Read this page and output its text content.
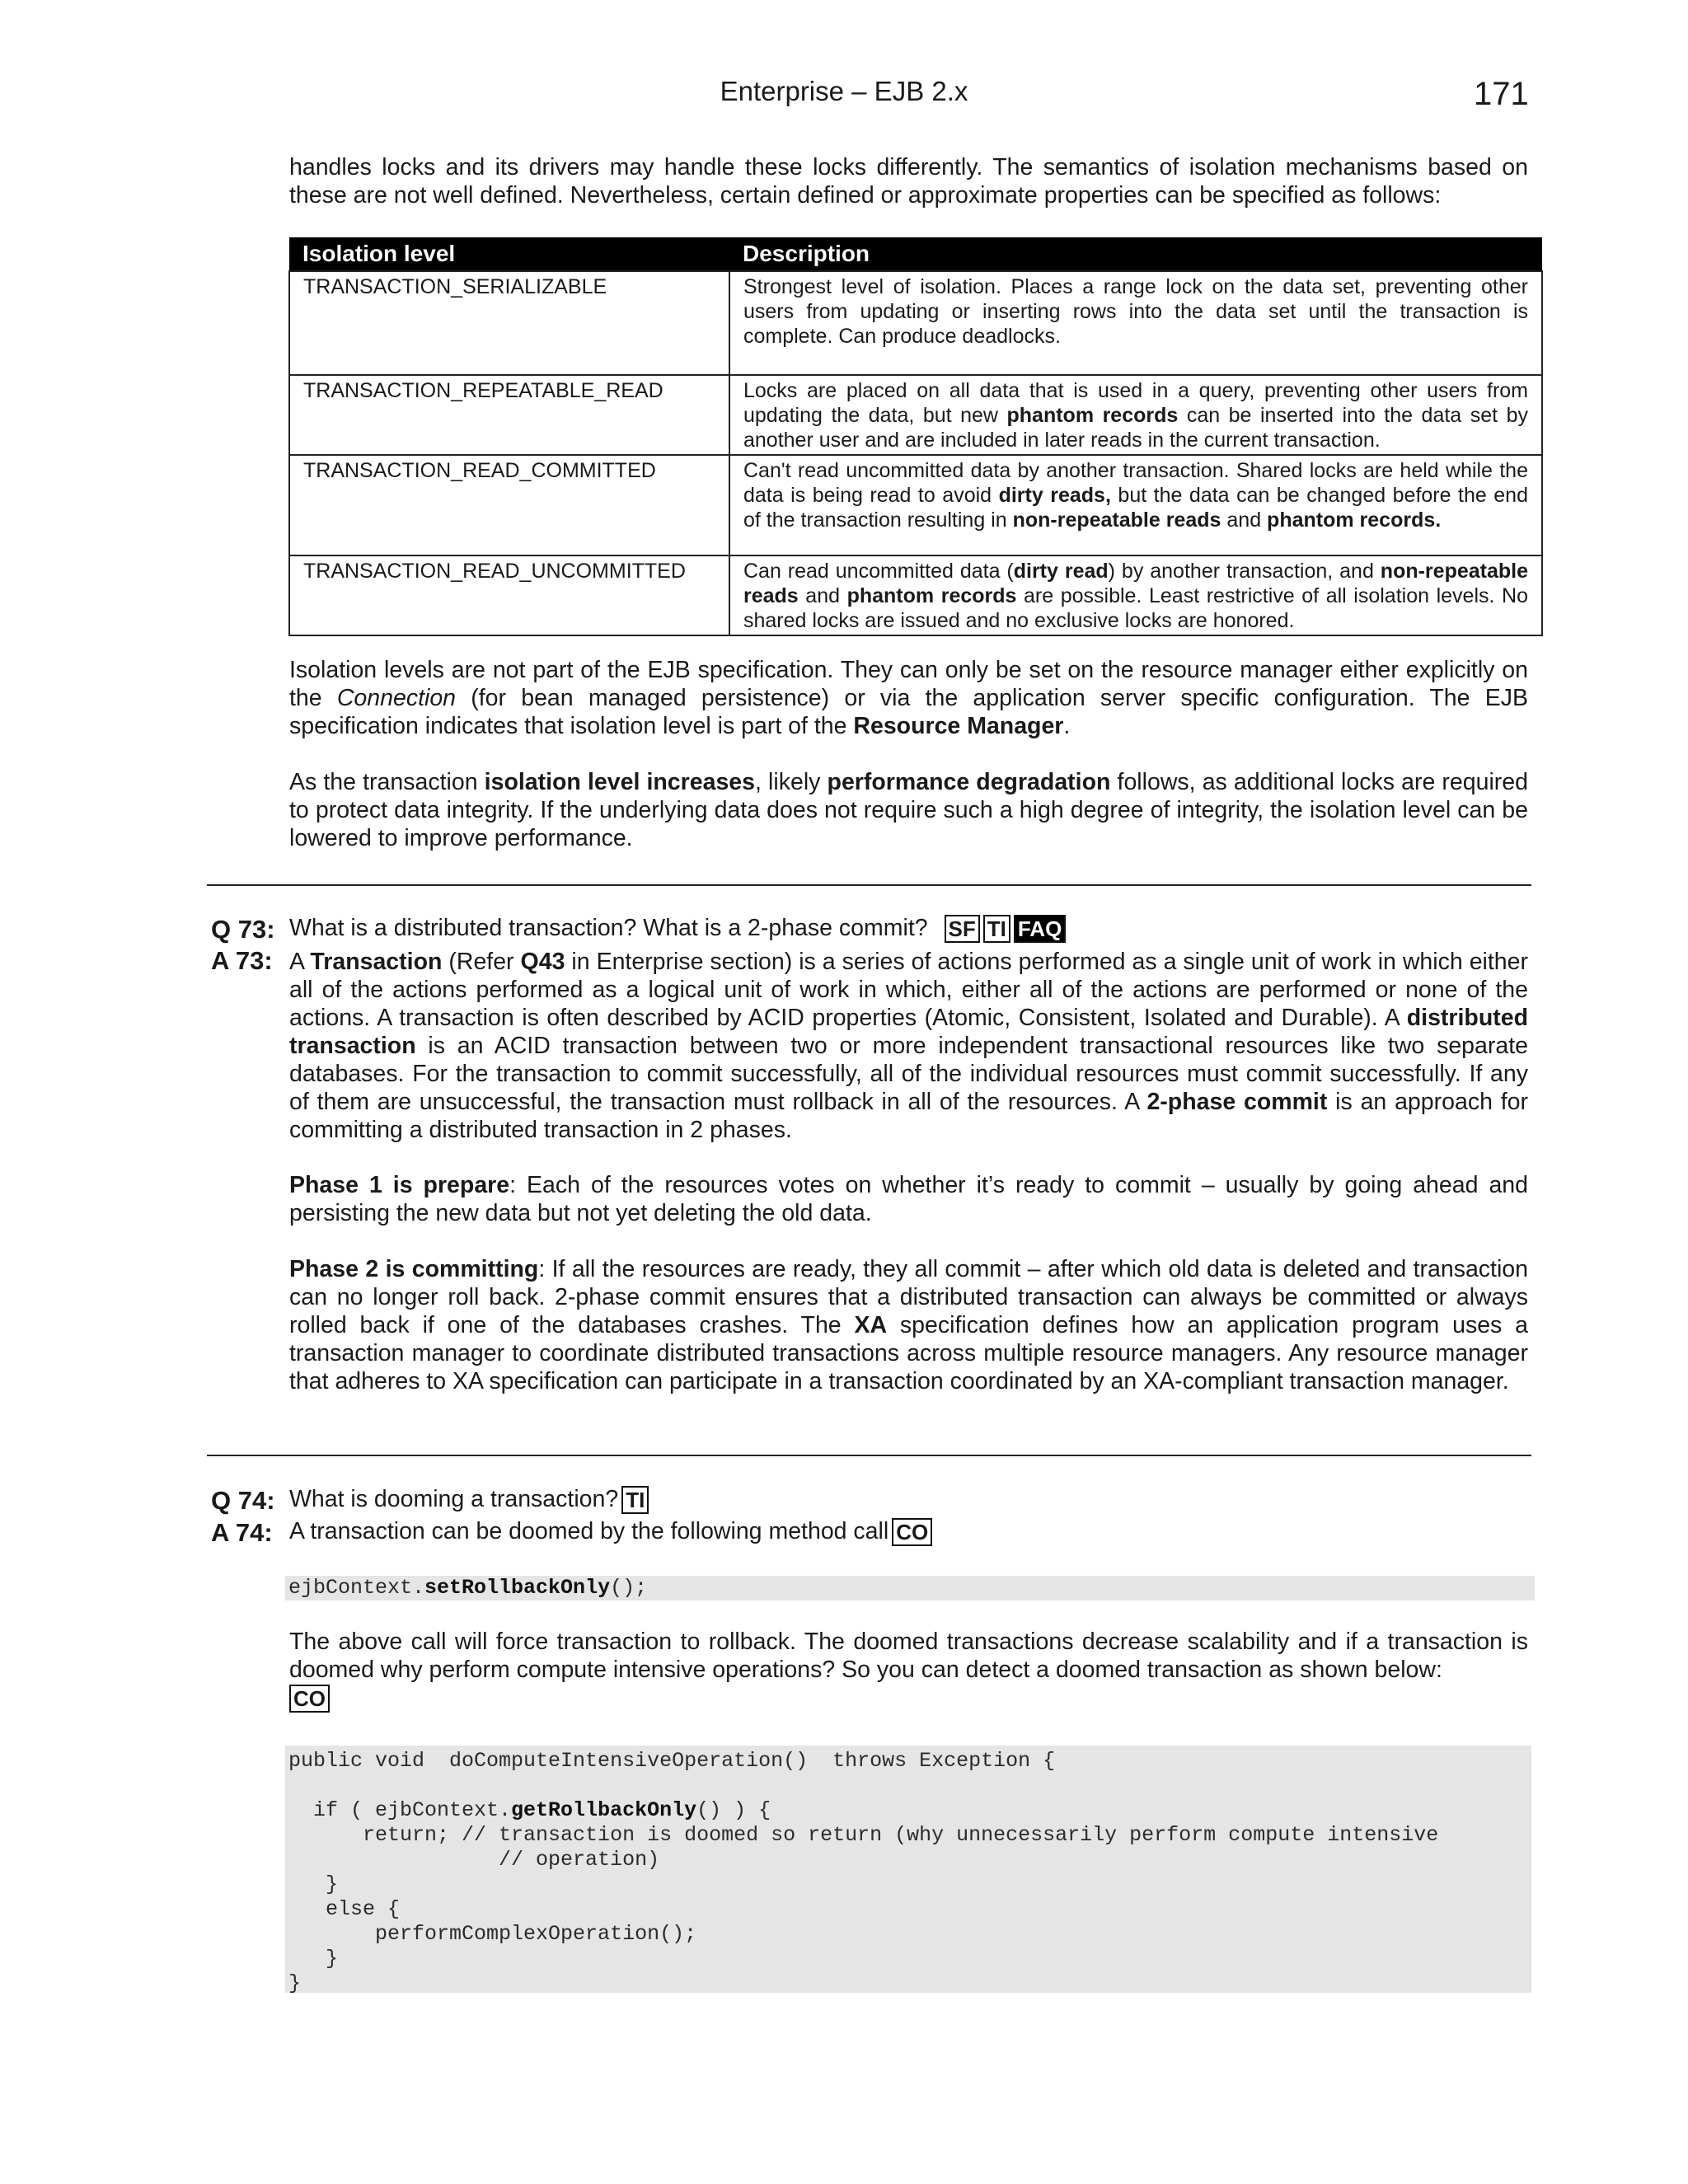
Enterprise – EJB 2.x	171

handles locks and its drivers may handle these locks differently. The semantics of isolation mechanisms based on these are not well defined. Nevertheless, certain defined or approximate properties can be specified as follows:

Isolation level	Description
TRANSACTION_SERIALIZABLE	Strongest level of isolation. Places a range lock on the data set, preventing other users from updating or inserting rows into the data set until the transaction is complete. Can produce deadlocks.
TRANSACTION_REPEATABLE_READ	Locks are placed on all data that is used in a query, preventing other users from updating the data, but new phantom records can be inserted into the data set by another user and are included in later reads in the current transaction.
TRANSACTION_READ_COMMITTED	Can't read uncommitted data by another transaction. Shared locks are held while the data is being read to avoid dirty reads, but the data can be changed before the end of the transaction resulting in non-repeatable reads and phantom records.
TRANSACTION_READ_UNCOMMITTED	Can read uncommitted data (dirty read) by another transaction, and non-repeatable reads and phantom records are possible. Least restrictive of all isolation levels. No shared locks are issued and no exclusive locks are honored.

Isolation levels are not part of the EJB specification. They can only be set on the resource manager either explicitly on the Connection (for bean managed persistence) or via the application server specific configuration. The EJB specification indicates that isolation level is part of the Resource Manager.

As the transaction isolation level increases, likely performance degradation follows, as additional locks are required to protect data integrity. If the underlying data does not require such a high degree of integrity, the isolation level can be lowered to improve performance.

Q 73: What is a distributed transaction? What is a 2-phase commit? SF TI FAQ
A 73: A Transaction (Refer Q43 in Enterprise section) is a series of actions performed as a single unit of work in which either all of the actions performed as a logical unit of work in which, either all of the actions are performed or none of the actions. A transaction is often described by ACID properties (Atomic, Consistent, Isolated and Durable). A distributed transaction is an ACID transaction between two or more independent transactional resources like two separate databases. For the transaction to commit successfully, all of the individual resources must commit successfully. If any of them are unsuccessful, the transaction must rollback in all of the resources. A 2-phase commit is an approach for committing a distributed transaction in 2 phases.

Phase 1 is prepare: Each of the resources votes on whether it’s ready to commit – usually by going ahead and persisting the new data but not yet deleting the old data.

Phase 2 is committing: If all the resources are ready, they all commit – after which old data is deleted and transaction can no longer roll back. 2-phase commit ensures that a distributed transaction can always be committed or always rolled back if one of the databases crashes. The XA specification defines how an application program uses a transaction manager to coordinate distributed transactions across multiple resource managers. Any resource manager that adheres to XA specification can participate in a transaction coordinated by an XA-compliant transaction manager.

Q 74: What is dooming a transaction? TI
A 74: A transaction can be doomed by the following method call CO
ejbContext.setRollbackOnly();

The above call will force transaction to rollback. The doomed transactions decrease scalability and if a transaction is doomed why perform compute intensive operations? So you can detect a doomed transaction as shown below:

CO

public void  doComputeIntensiveOperation()  throws Exception {
if ( ejbContext.getRollbackOnly() ) {
return; // transaction is doomed so return (why unnecessarily perform compute intensive
// operation)
}
else {
performComplexOperation();
}
}
